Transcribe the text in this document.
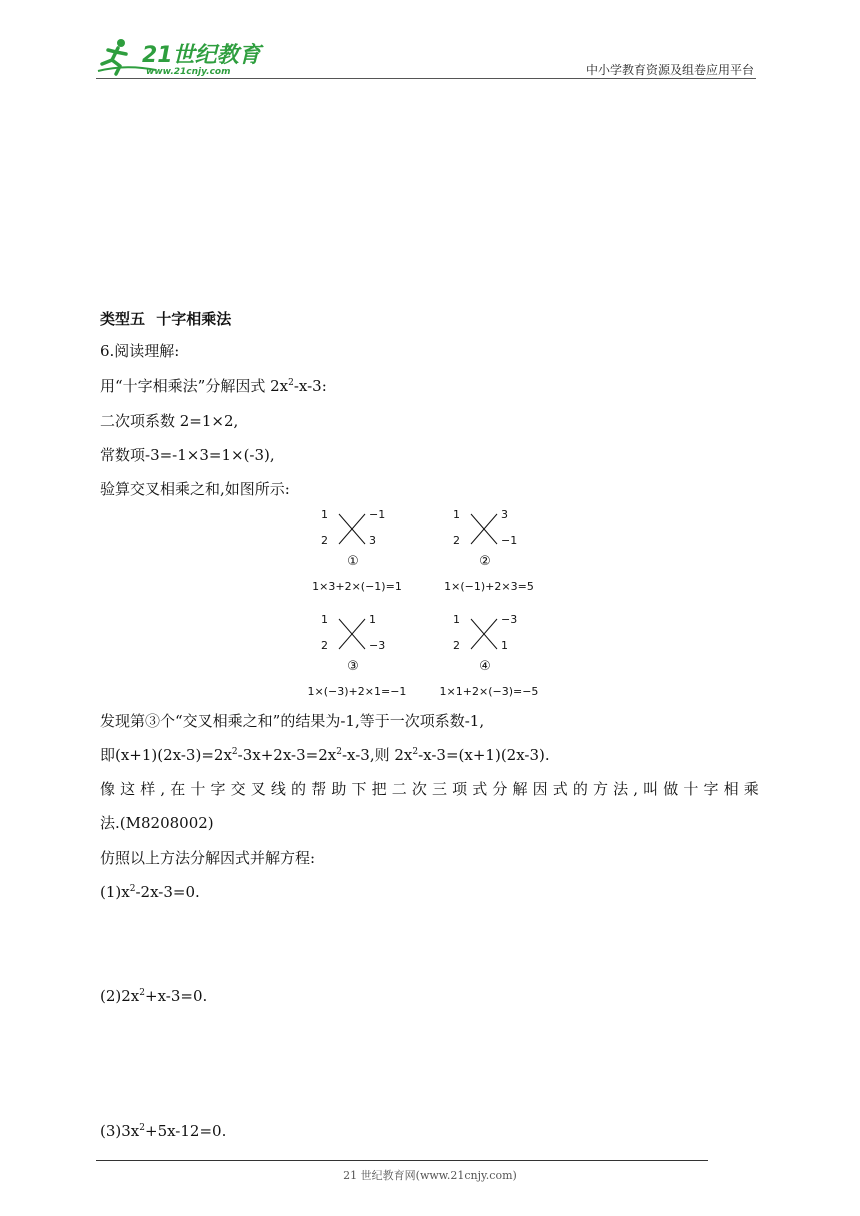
21世纪教育
www.21cnjy.com	中小学教育资源及组卷应用平台
类型五 十字相乘法
6.阅读理解:
用“十字相乘法”分解因式 $2x^2-x-3$:
二次项系数 2=1×2,
常数项-3=-1×3=1×(-3),
验算交叉相乘之和,如图所示:
1	−1
2	3
①
1×3+2×(−1)=1
1	3
2	−1
②
1×(−1)+2×3=5
1	1
2	−3
③
1×(−3)+2×1=−1
1	−3
2	1
④
1×1+2×(−3)=−5
发现第③个“交叉相乘之和”的结果为-1,等于一次项系数-1,
即$(x+1)(2x-3)=2x^2-3x+2x-3=2x^2-x-3$,则 $2x^2-x-3=(x+1)(2x-3)$.
像这样,在十字交叉线的帮助下把二次三项式分解因式的方法,叫做十字相乘
法.(M8208002)
仿照以上方法分解因式并解方程:
$(1)x^2-2x-3=0$.
$(2)2x^2+x-3=0$.
$(3)3x^2+5x-12=0$.
21 世纪教育网(www.21cnjy.com)
